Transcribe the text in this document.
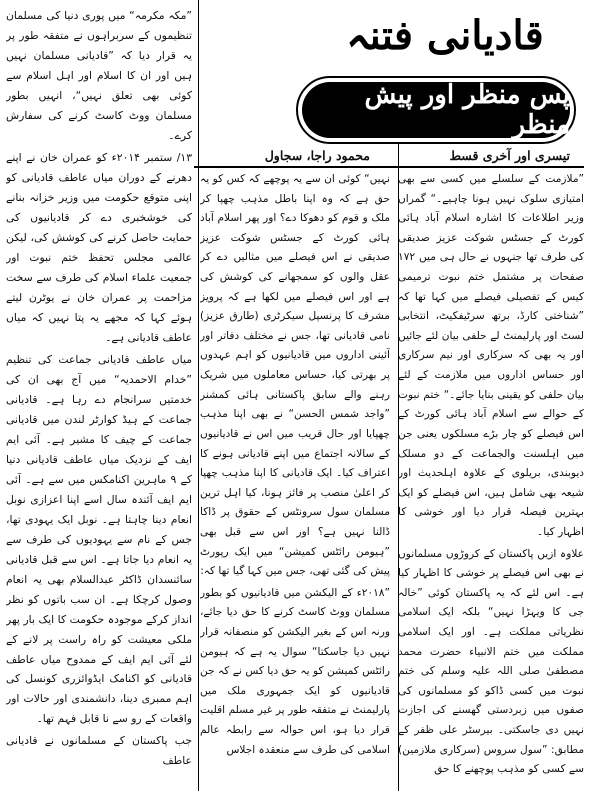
قادیانی فتنہ
پس منظر اور پیش منظر
تیسری اور آخری قسط
محمود راجا، سجاول

”ملازمت کے سلسلے میں کسی سے بھی امتیازی سلوک نہیں ہونا چاہیے۔“ گمراں وزیر اطلاعات کا اشارہ اسلام آباد ہائی کورٹ کے جسٹس شوکت عزیز صدیقی کی طرف تھا جنہوں نے حال ہی میں ۱۷۲ صفحات پر مشتمل ختم نبوت ترمیمی کیس کے تفصیلی فیصلے میں کہا تھا کہ ”شناختی کارڈ، برتھ سرٹیفکیٹ، انتخابی لسٹ اور پارلیمنٹ لے حلفی بیان لئے جائیں اور یہ بھی کہ سرکاری اور نیم سرکاری اور حساس اداروں میں ملازمت کے لئے بیان حلفی کو یقینی بنایا جائے۔“ ختم نبوت کے حوالے سے اسلام آباد ہائی کورٹ کے اس فیصلے کو چار بڑے مسلکوں یعنی جن میں اہلسنت والجماعت کے دو مسلک دیوبندی، بریلوی کے علاوہ اہلحدیث اور شیعہ بھی شامل ہیں، اس فیصلے کو ایک بہترین فیصلہ قرار دیا اور خوشی کا اظہار کیا۔

علاوہ ازیں پاکستان کے کروڑوں مسلمانوں نے بھی اس فیصلے پر خوشی کا اظہار کیا ہے۔ اس لئے کہ یہ پاکستان کوئی ”خالہ جی کا ویہڑا نہیں“ بلکہ ایک اسلامی نظریاتی مملکت ہے۔ اور ایک اسلامی مملکت میں ختم الانبیاء حضرت محمد مصطفیٰ صلی اللہ علیہ وسلم کی ختم نبوت میں کسی ڈاکو کو مسلمانوں کی صفوں میں زبردستی گھسنے کی اجازت نہیں دی جاسکتی۔ بیرسٹر علی ظفر کے مطابق: ”سول سروس (سرکاری ملازمین) سے کسی کو مذہب پوچھنے کا حق

نہیں“ کوئی ان سے یہ پوچھے کہ کس کو یہ حق ہے کہ وہ اپنا باطل مذہب چھپا کر ملک و قوم کو دھوکا دے؟ اور پھر اسلام آباد ہائی کورٹ کے جسٹس شوکت عزیز صدیقی نے اس فیصلے میں مثالیں دے کر عقل والوں کو سمجھانے کی کوشش کی ہے اور اس فیصلے میں لکھا ہے کہ پرویز مشرف کا پرنسپل سیکرٹری (طارق عزیز) نامی قادیانی تھا، جس نے مختلف دفاتر اور آئینی اداروں میں قادیانیوں کو اہم عہدوں پر بھرتی کیا، حساس معاملوں میں شریک رہنے والے سابق پاکستانی ہائی کمشنر ”واجد شمس الحسن“ نے بھی اپنا مذہب چھپایا اور حال قریب میں اس نے قادیانیوں کے سالانہ اجتماع میں اپنے قادیانی ہونے کا اعتراف کیا۔ ایک قادیانی کا اپنا مذہب چھپا کر اعلیٰ منصب پر فائز ہونا، کیا اہل ترین مسلمان سول سرونٹس کے حقوق پر ڈاکا ڈالنا نہیں ہے؟ اور اس سے قبل بھی ”ہیومن رائٹس کمیشن“ میں ایک رپورٹ پیش کی گئی تھی، جس میں کہا گیا تھا کہ:

”۲۰۱۸ء کے الیکشن میں قادیانیوں کو بطور مسلمان ووٹ کاسٹ کرنے کا حق دیا جائے، ورنہ اس کے بغیر الیکشن کو منصفانہ قرار نہیں دیا جاسکتا“ سوال یہ ہے کہ ہیومن رائٹس کمیشن کو یہ حق دیا کس نے کہ جن قادیانیوں کو ایک جمہوری ملک میں پارلیمنٹ نے متفقہ طور پر غیر مسلم اقلیت قرار دیا ہو، اس حوالہ سے رابطہ عالم اسلامی کی طرف سے منعقدہ اجلاس

”مکہ مکرمہ“ میں پوری دنیا کی مسلمان تنظیموں کے سربراہوں نے متفقہ طور پر یہ قرار دیا کہ ”قادیانی مسلمان نہیں ہیں اور ان کا اسلام اور اہل اسلام سے کوئی بھی تعلق نہیں“، انہیں بطور مسلمان ووٹ کاسٹ کرنے کی سفارش کرے۔

۱۳/ ستمبر ۲۰۱۴ء کو عمران خان نے اپنے دھرنے کے دوران میاں عاطف قادیانی کو اپنی متوقع حکومت میں وزیر خزانہ بنانے کی خوشخبری دے کر قادیانیوں کی حمایت حاصل کرنے کی کوشش کی، لیکن عالمی مجلس تحفظ ختم نبوت اور جمعیت علماء اسلام کی طرف سے سخت مزاحمت پر عمران خان نے یوٹرن لیتے ہوئے کہا کہ مجھے یہ پتا نہیں کہ میاں عاطف قادیانی ہے۔

میاں عاطف قادیانی جماعت کی تنظیم ”خدام الاحمدیہ“ میں آج بھی ان کی خدمتیں سرانجام دے رہا ہے۔ قادیانی جماعت کے ہیڈ کوارٹر لندن میں قادیانی جماعت کے چیف کا مشیر ہے۔ آئی ایم ایف کے نزدیک میاں عاطف قادیانی دنیا کے ۹ ماہرین اکنامکس میں سے ہے۔ آئی ایم ایف آئندہ سال اسے اپنا اعزازی نوبل انعام دینا چاہتا ہے۔ نوبل ایک یہودی تھا، جس کے نام سے یہودیوں کی طرف سے یہ انعام دیا جاتا ہے۔ اس سے قبل قادیانی سائنسدان ڈاکٹر عبدالسلام بھی یہ انعام وصول کرچکا ہے۔ ان سب باتوں کو نظر انداز کرکے موجودہ حکومت کا ایک بار پھر ملکی معیشت کو راہ راست پر لانے کے لئے آئی ایم ایف کے ممدوح میاں عاطف قادیانی کو اکنامک ایڈوائزری کونسل کی اہم ممبری دینا، دانشمندی اور حالات اور واقعات کے رو سے نا قابل فہم تھا۔

جب پاکستان کے مسلمانوں نے قادیانی عاطف
